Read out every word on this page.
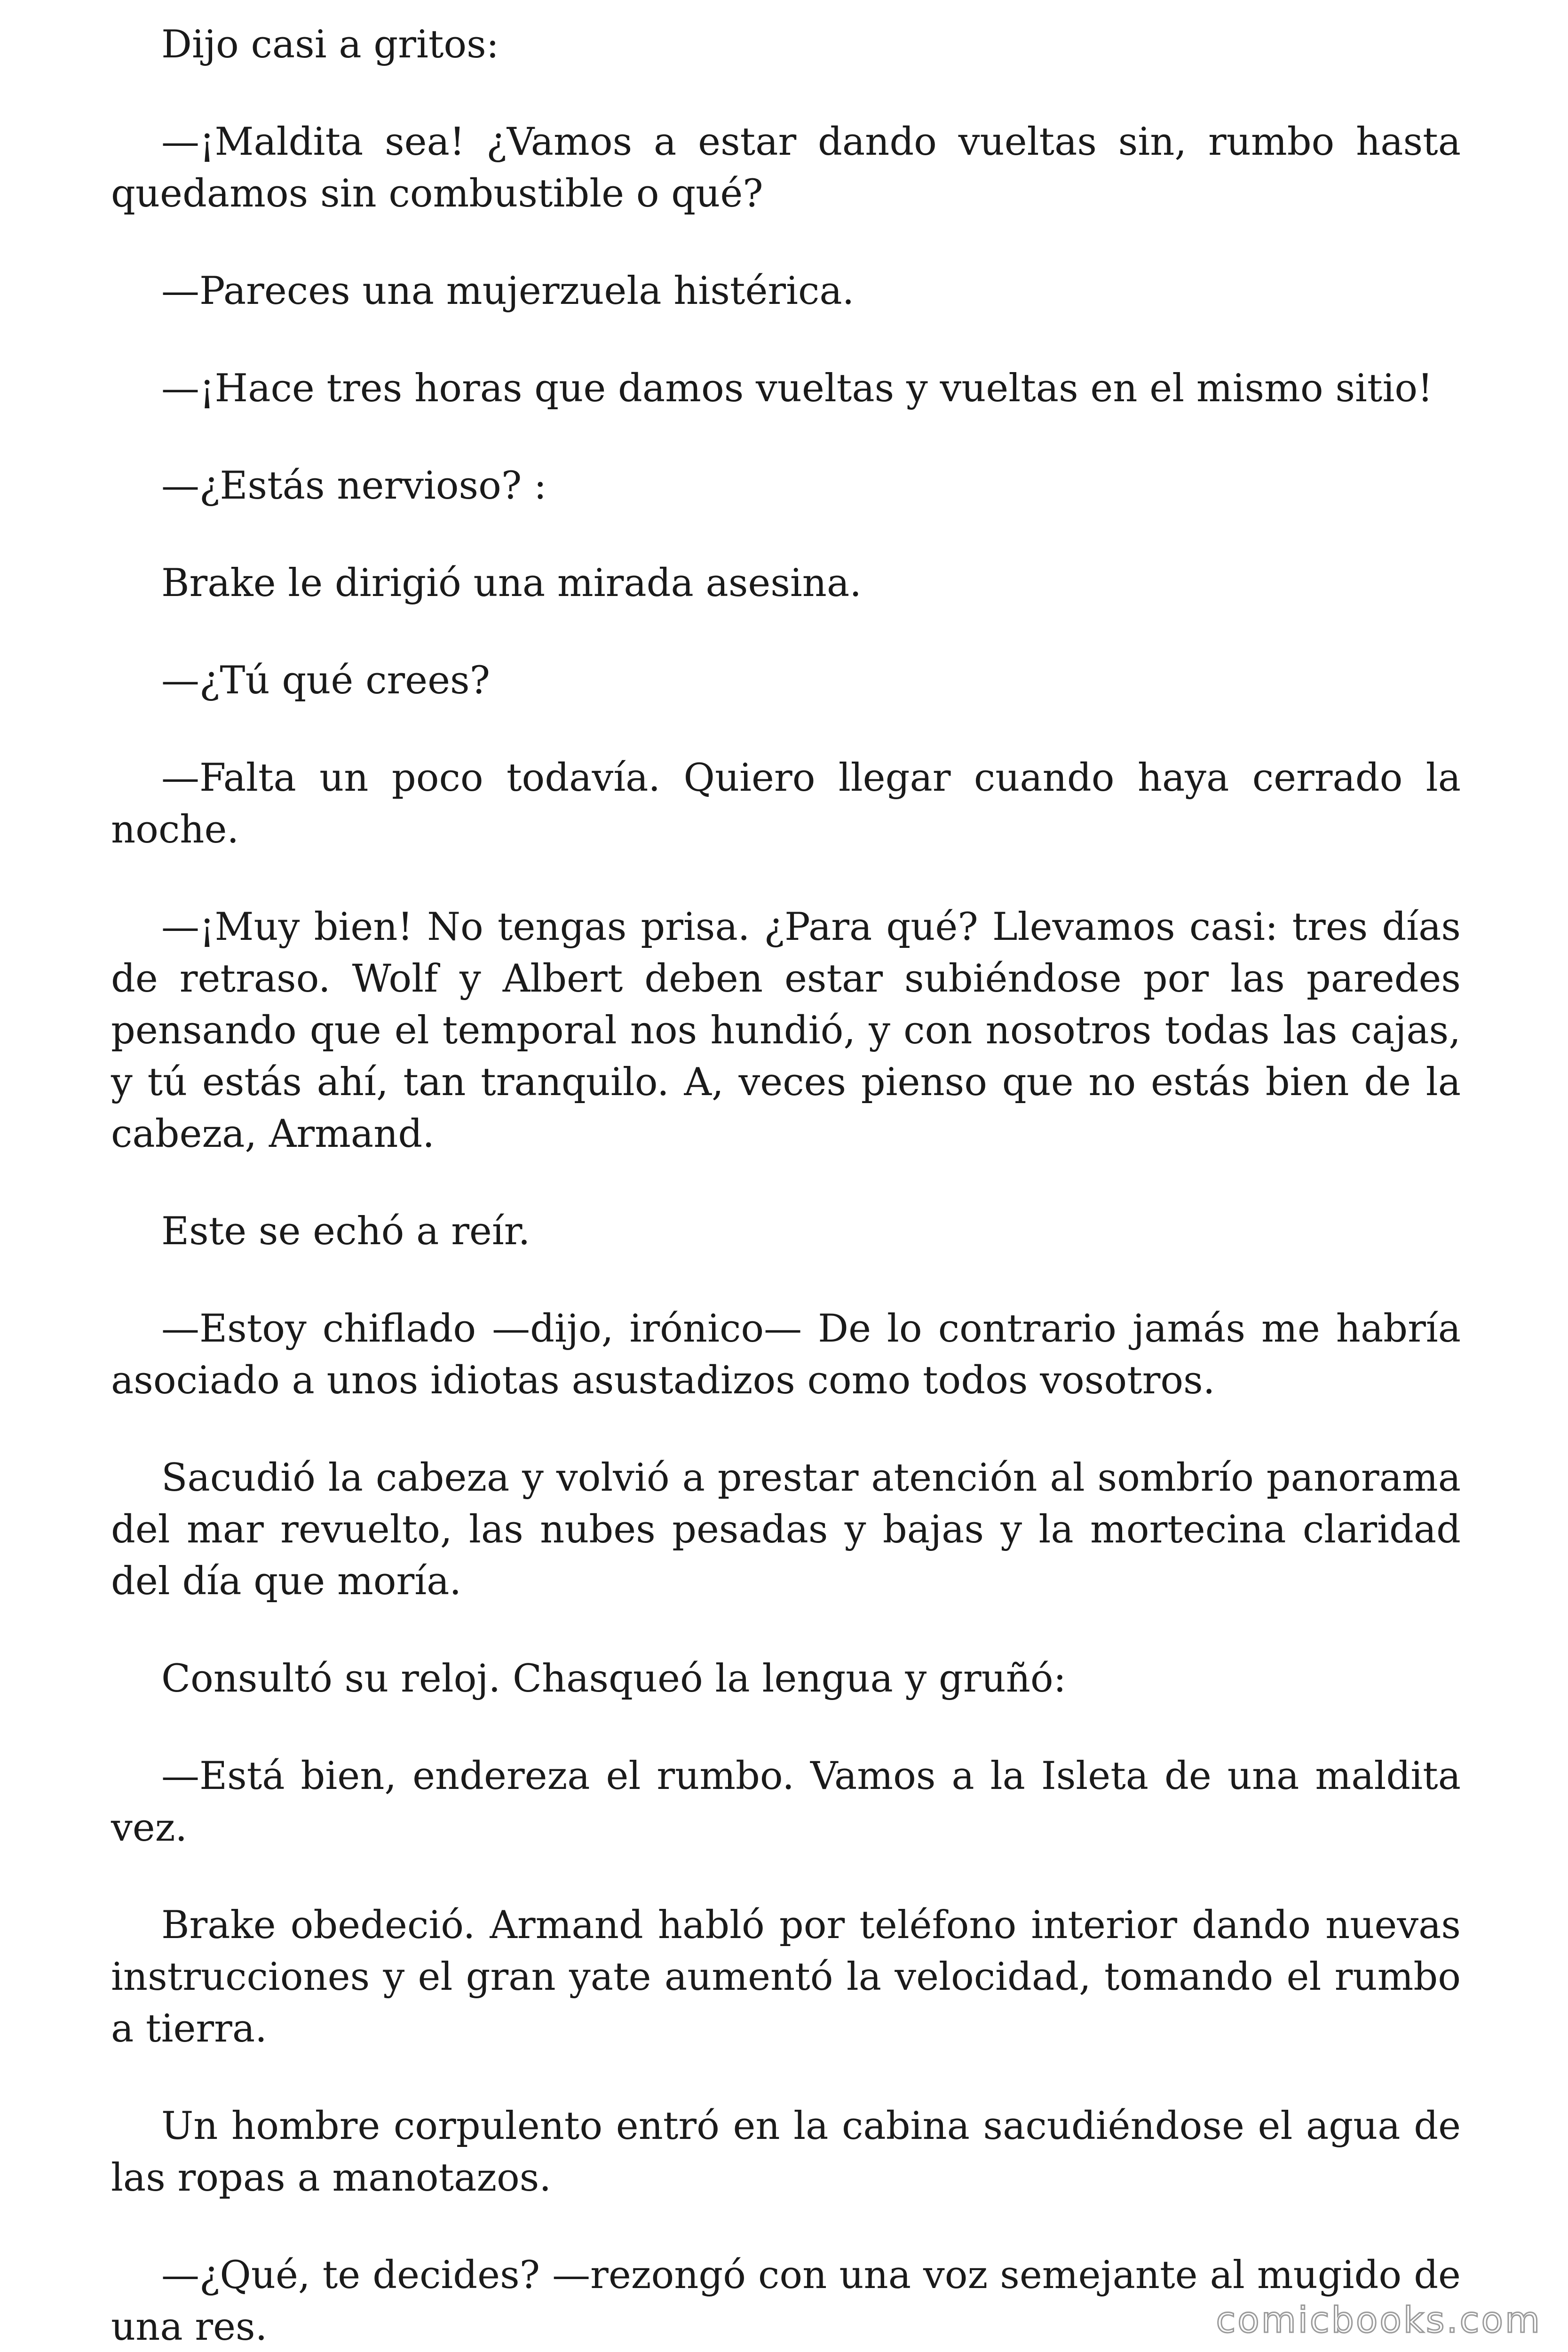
Dijo casi a gritos:

—¡Maldita sea! ¿Vamos a estar dando vueltas sin, rumbo hasta quedamos sin combustible o qué?

—Pareces una mujerzuela histérica.

—¡Hace tres horas que damos vueltas y vueltas en el mismo sitio!

—¿Estás nervioso? :

Brake le dirigió una mirada asesina.

—¿Tú qué crees?

—Falta un poco todavía. Quiero llegar cuando haya cerrado la noche.

—¡Muy bien! No tengas prisa. ¿Para qué? Llevamos casi: tres días de retraso. Wolf y Albert deben estar subiéndose por las paredes pensando que el temporal nos hundió, y con nosotros todas las cajas, y tú estás ahí, tan tranquilo. A, veces pienso que no estás bien de la cabeza, Armand.

Este se echó a reír.

—Estoy chiflado —dijo, irónico— De lo contrario jamás me habría asociado a unos idiotas asustadizos como todos vosotros.

Sacudió la cabeza y volvió a prestar atención al sombrío panorama del mar revuelto, las nubes pesadas y bajas y la mortecina claridad del día que moría.

Consultó su reloj. Chasqueó la lengua y gruñó:

—Está bien, endereza el rumbo. Vamos a la Isleta de una maldita vez.

Brake obedeció. Armand habló por teléfono interior dando nuevas instrucciones y el gran yate aumentó la velocidad, tomando el rumbo a tierra.

Un hombre corpulento entró en la cabina sacudiéndose el agua de las ropas a manotazos.

—¿Qué, te decides? —rezongó con una voz semejante al mugido de una res.	comicbooks.com
